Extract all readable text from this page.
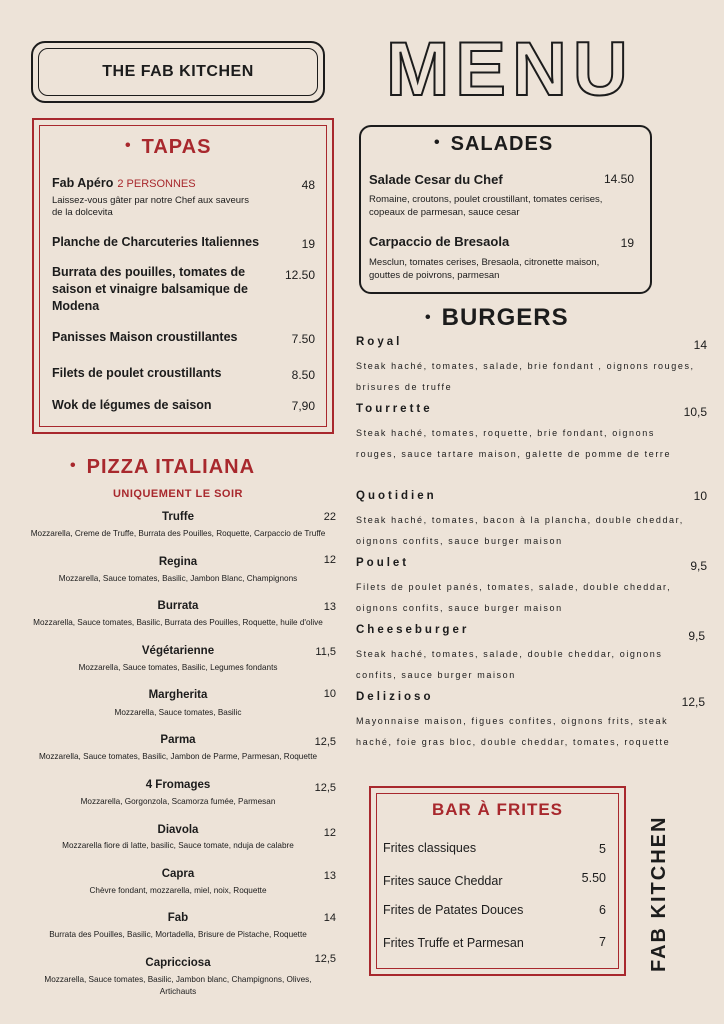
THE FAB KITCHEN MENU
• TAPAS
Fab Apéro 2 PERSONNES
Laissez-vous gâter par notre Chef aux saveurs de la dolcevita
48
Planche de Charcuteries Italiennes	19
Burrata des pouilles, tomates de saison et vinaigre balsamique de Modena
12.50
Panisses Maison croustillantes	7.50
Filets de poulet croustillants	8.50
Wok de légumes de saison	7,90
• PIZZA ITALIANA
UNIQUEMENT LE SOIR
Truffe
Mozzarella, Creme de Truffe, Burrata des Pouilles, Roquette, Carpaccio de Truffe
22
Regina
Mozzarella, Sauce tomates, Basilic, Jambon Blanc, Champignons
12
Burrata
Mozzarella, Sauce tomates, Basilic, Burrata des Pouilles, Roquette, huile d'olive
13
Végétarienne
Mozzarella, Sauce tomates, Basilic, Legumes fondants
11,5
Margherita
Mozzarella, Sauce tomates, Basilic
10
Parma
Mozzarella, Sauce tomates, Basilic, Jambon de Parme, Parmesan, Roquette
12,5
4 Fromages
Mozzarella, Gorgonzola, Scamorza fumée, Parmesan
12,5
Diavola
Mozzarella fiore di latte, basilic, Sauce tomate, nduja de calabre
12
Capra
Chèvre fondant, mozzarella, miel, noix, Roquette
13
Fab
Burrata des Pouilles, Basilic, Mortadella, Brisure de Pistache, Roquette
14
Capricciosa
Mozzarella, Sauce tomates, Basilic, Jambon blanc, Champignons, Olives, Artichauts
12,5
• SALADES
Salade Cesar du Chef	14.50
Romaine, croutons, poulet croustillant, tomates cerises, copeaux de parmesan, sauce cesar
Carpaccio de Bresaola	19
Mesclun, tomates cerises, Bresaola, citronette maison, gouttes de poivrons, parmesan
• BURGERS
Royal	14
Steak haché, tomates, salade, brie fondant , oignons rouges, brisures de truffe
Tourrette	10,5
Steak haché, tomates, roquette, brie fondant, oignons rouges, sauce tartare maison, galette de pomme de terre
Quotidien	10
Steak haché, tomates, bacon à la plancha, double cheddar, oignons confits, sauce burger maison
Poulet	9,5
Filets de poulet panés, tomates, salade, double cheddar, oignons confits, sauce burger maison
Cheeseburger	9,5
Steak haché, tomates, salade, double cheddar, oignons confits, sauce burger maison
Delizioso	12,5
Mayonnaise maison, figues confites, oignons frits, steak haché, foie gras bloc, double cheddar, tomates, roquette
BAR À FRITES
Frites classiques	5
Frites sauce Cheddar	5.50
Frites de Patates Douces	6
Frites Truffe et Parmesan	7 FAB KITCHEN
